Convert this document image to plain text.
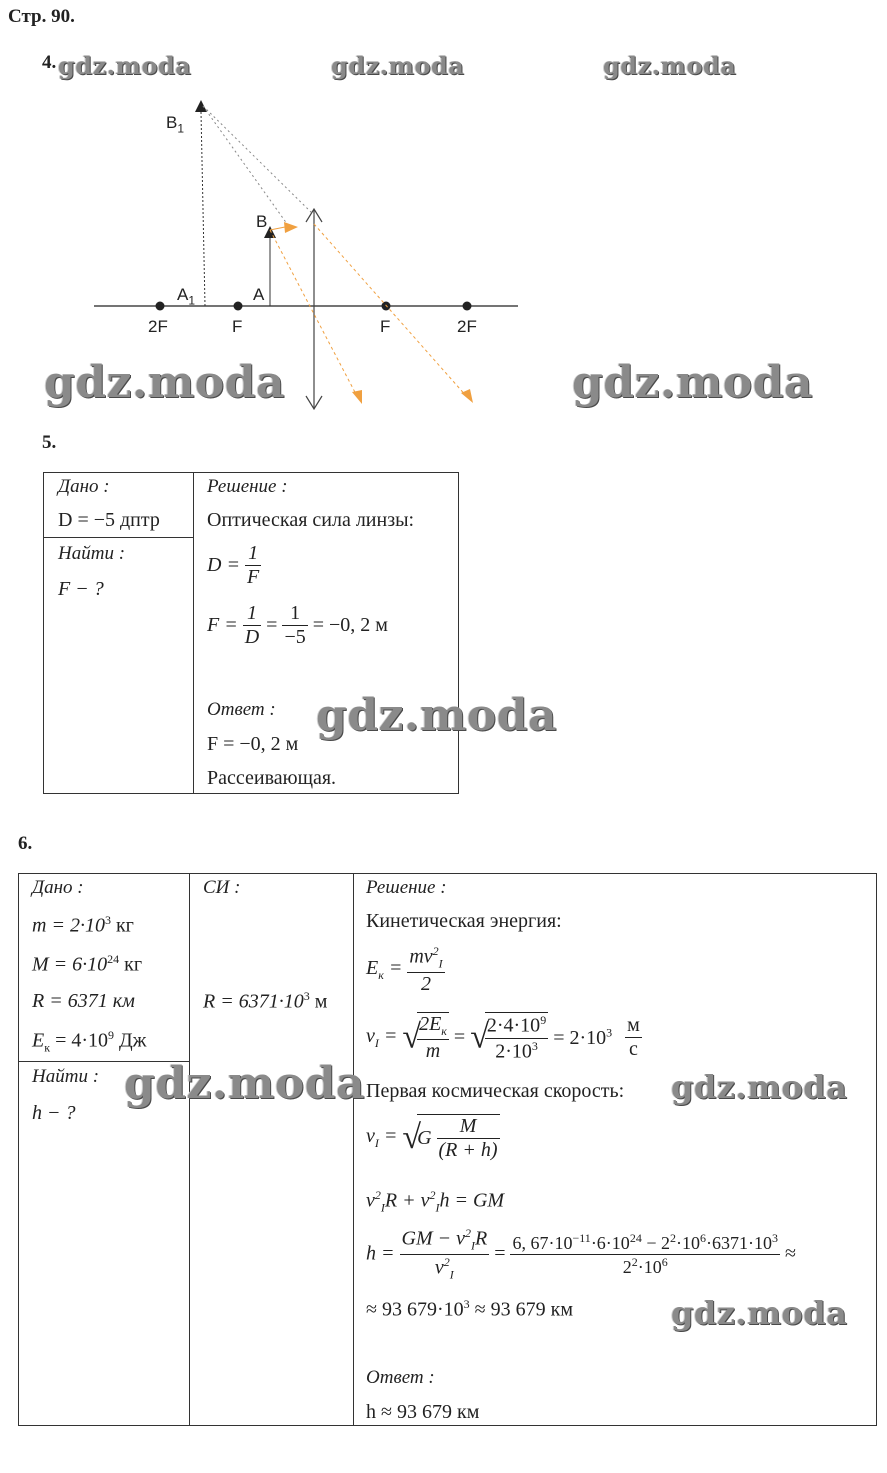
Стр. 90.
4.
$B_1$
B
$A_1$	A
2F	F	F	2F
5.
Дано :
D = −5 дптр
Найти :
F − ?
Решение :
Оптическая сила линзы:
$D = \frac{1}{F}$
$F = \frac{1}{D} = \frac{1}{-5} = -0$, 2 м
Ответ :
F = −0, 2 м
Рассеивающая.
6.
Дано :
$m = 2\cdot 10^3$ кг
$M = 6\cdot 10^{24}$ кг
R = 6371 км
$E_к = 4\cdot 10^9$ Дж
Найти :
h − ?
СИ :
$R = 6371\cdot 10^3$ м
Решение :
Кинетическая энергия:
$E_к = \frac{mv^2_I}{2}$
$v_I$ = √
$\frac{2E_к}{m}$ = √
$\frac{2\cdot 4\cdot 10^9}{2\cdot 10^3} = 2\cdot 10^3 \frac{м}{с}$
Первая космическая скорость:
$v_I = √G \frac{M}{(R + h)}$
$v^2_IR + v^2_Ih$ = GM
$h = \frac{GM - v^2_IR}{v^2_I} = \frac{6, 67\cdot 10^{-11}\cdot 6\cdot 10^{24} - 2^2\cdot 10^6\cdot 6371\cdot 10^3}{2^2\cdot 10^6}$ ≈
≈ 93 $679\cdot 10^3 \approx 93$ 679 км
Ответ :
h ≈ 93 679 км
gdz.moda	gdz.moda	gdz.moda
gdz.moda	gdz.moda
gdz.moda
gdz.moda	gdz.moda
gdz.moda
